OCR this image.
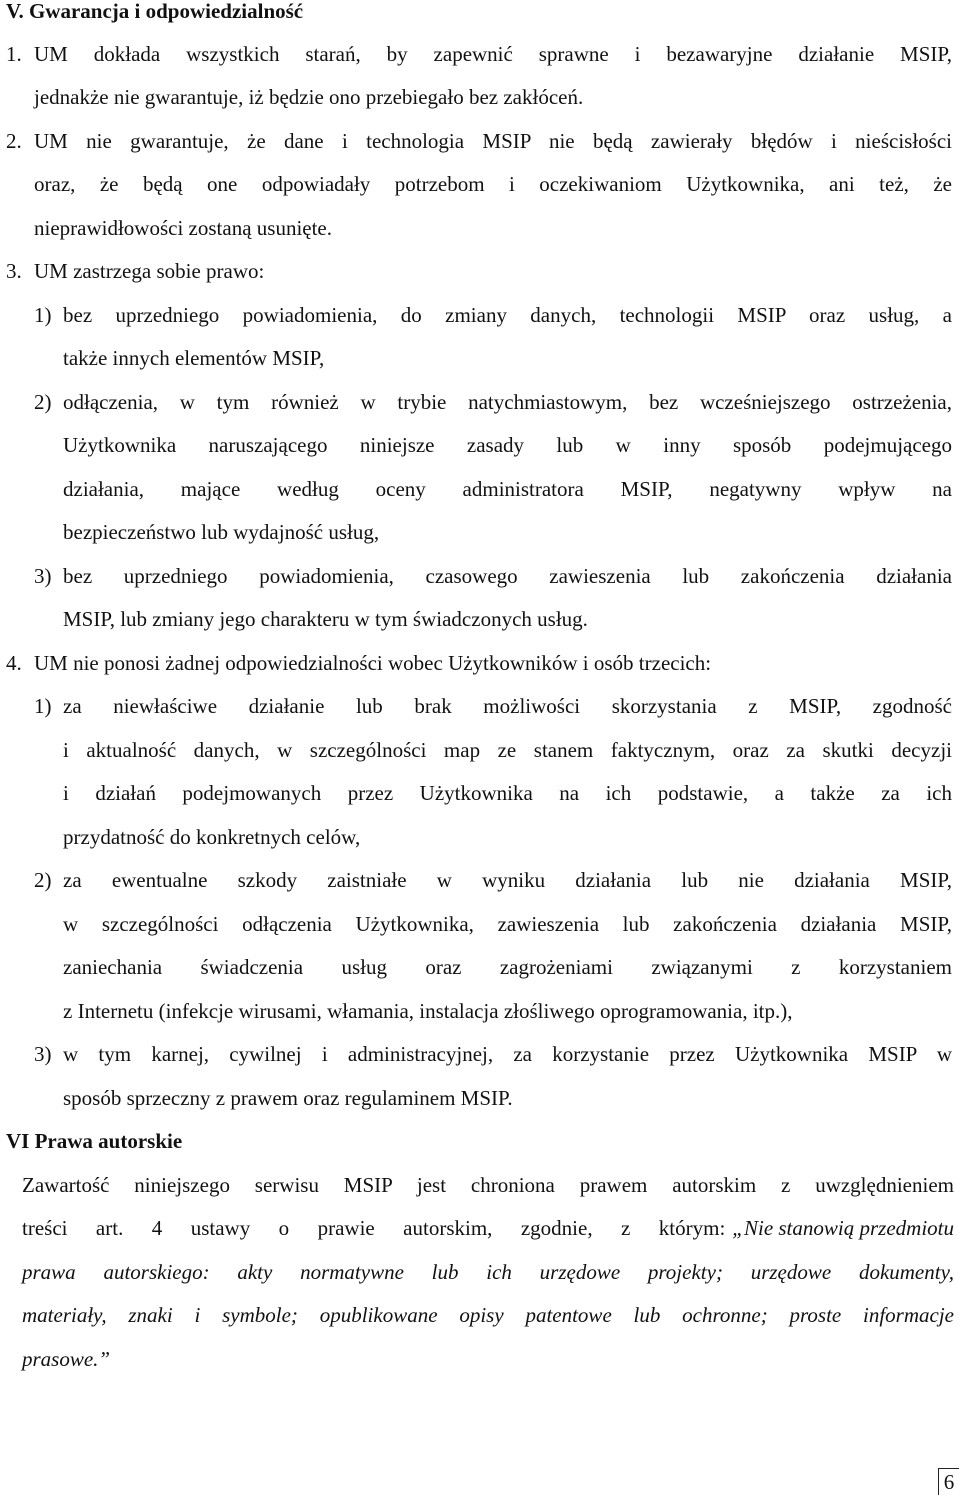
V. Gwarancja i odpowiedzialność
1. UM dokłada wszystkich starań, by zapewnić sprawne i bezawaryjne działanie MSIP,
jednakże nie gwarantuje, iż będzie ono przebiegało bez zakłóceń.
2. UM nie gwarantuje, że dane i technologia MSIP nie będą zawierały błędów i nieścisłości
oraz, że będą one odpowiadały potrzebom i oczekiwaniom Użytkownika, ani też, że
nieprawidłowości zostaną usunięte.
3. UM zastrzega sobie prawo:
1) bez uprzedniego powiadomienia, do zmiany danych, technologii MSIP oraz usług, a
także innych elementów MSIP,
2) odłączenia, w tym również w trybie natychmiastowym, bez wcześniejszego ostrzeżenia,
Użytkownika naruszającego niniejsze zasady lub w inny sposób podejmującego
działania, mające według oceny administratora MSIP, negatywny wpływ na
bezpieczeństwo lub wydajność usług,
3) bez uprzedniego powiadomienia, czasowego zawieszenia lub zakończenia działania
MSIP, lub zmiany jego charakteru w tym świadczonych usług.
4. UM nie ponosi żadnej odpowiedzialności wobec Użytkowników i osób trzecich:
1) za niewłaściwe działanie lub brak możliwości skorzystania z MSIP, zgodność
i aktualność danych, w szczególności map ze stanem faktycznym, oraz za skutki decyzji
i działań podejmowanych przez Użytkownika na ich podstawie, a także za ich
przydatność do konkretnych celów,
2) za ewentualne szkody zaistniałe w wyniku działania lub nie działania MSIP,
w szczególności odłączenia Użytkownika, zawieszenia lub zakończenia działania MSIP,
zaniechania świadczenia usług oraz zagrożeniami związanymi z korzystaniem
z Internetu (infekcje wirusami, włamania, instalacja złośliwego oprogramowania, itp.),
3) w tym karnej, cywilnej i administracyjnej, za korzystanie przez Użytkownika MSIP w
sposób sprzeczny z prawem oraz regulaminem MSIP.
VI Prawa autorskie
Zawartość niniejszego serwisu MSIP jest chroniona prawem autorskim z uwzględnieniem
treści art. 4 ustawy o prawie autorskim, zgodnie, z którym: „Nie stanowią przedmiotu
prawa autorskiego: akty normatywne lub ich urzędowe projekty; urzędowe dokumenty,
materiały, znaki i symbole; opublikowane opisy patentowe lub ochronne; proste informacje
prasowe.”
6
